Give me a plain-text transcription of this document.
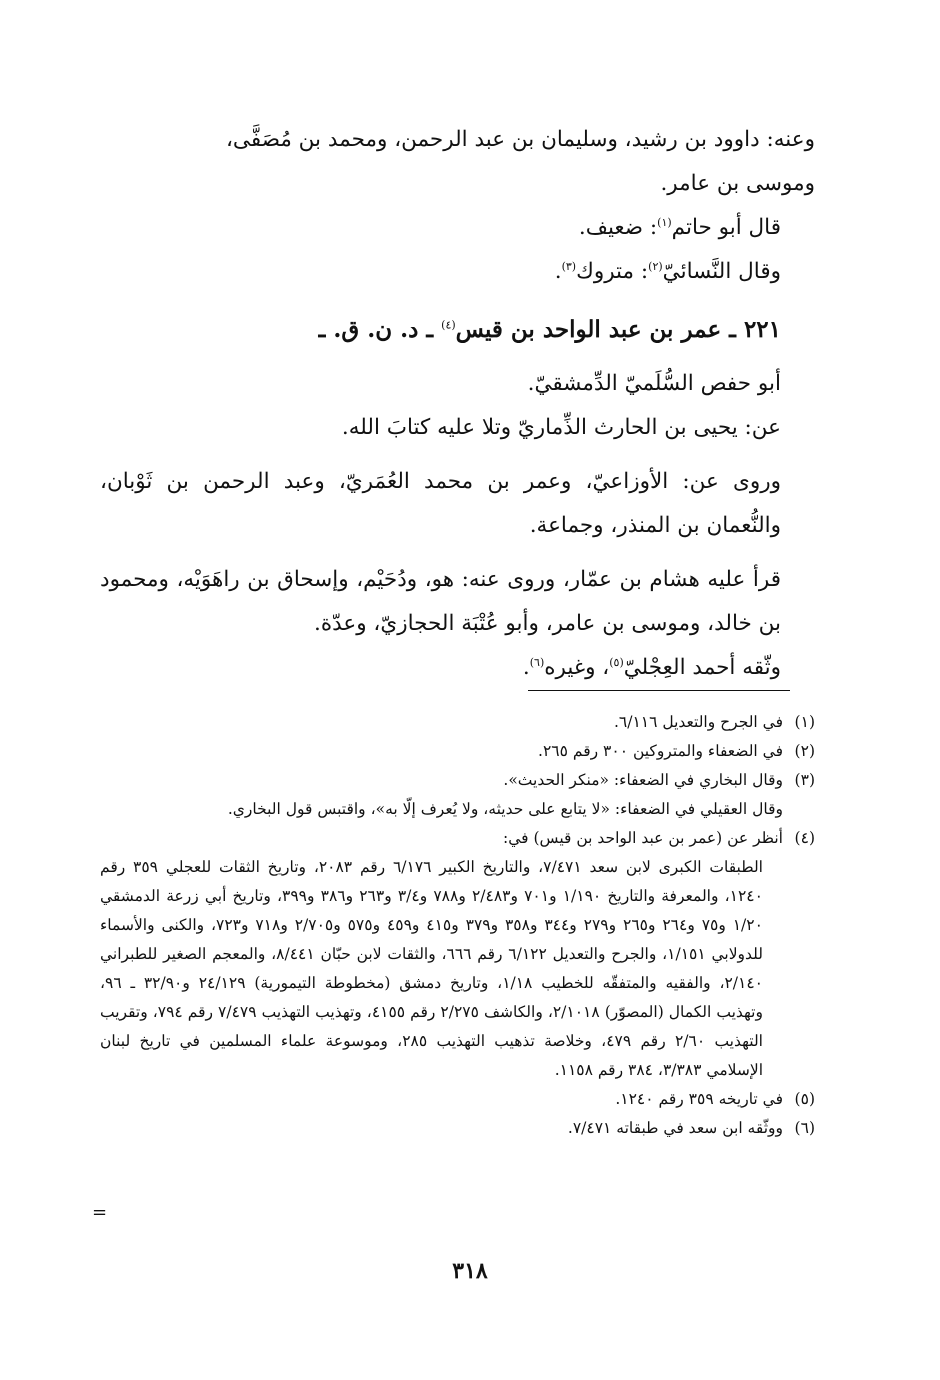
وعنه: داوود بن رشيد، وسليمان بن عبد الرحمن، ومحمد بن مُصَفَّى،
وموسى بن عامر.

قال أبو حاتم$^{(١)}$: ضعيف.

وقال النَّسائيّ$^{(٢)}$: متروك$^{(٣)}$.

٢٢١ ـ عمر بن عبد الواحد بن قيس$^{(٤)}$ ـ د. ن. ق. ـ

أبو حفص السُّلَميّ الدِّمشقيّ.

عن: يحيى بن الحارث الذِّماريّ وتلا عليه كتابَ الله.

وروى عن: الأوزاعيّ، وعمر بن محمد العُمَريّ، وعبد الرحمن بن ثَوْبان، والنُّعمان بن المنذر، وجماعة.

قرأ عليه هشام بن عمّار، وروى عنه: هو، ودُحَيْم، وإسحاق بن راهَوَيْه، ومحمود بن خالد، وموسى بن عامر، وأبو عُتْبَة الحجازيّ، وعدّة.

وثّقه أحمد العِجْليّ$^{(٥)}$، وغيره$^{(٦)}$.

(١)
في الجرح والتعديل ٦/١١٦.
(٢)
في الضعفاء والمتروكين ٣٠٠ رقم ٢٦٥.
(٣)
وقال البخاري في الضعفاء: «منكر الحديث».
وقال العقيلي في الضعفاء: «لا يتابع على حديثه، ولا يُعرف إلّا به»، واقتبس قول البخاري.
(٤)
أنظر عن (عمر بن عبد الواحد بن قيس) في:
الطبقات الكبرى لابن سعد ٧/٤٧١، والتاريخ الكبير ٦/١٧٦ رقم ٢٠٨٣، وتاريخ الثقات للعجلي ٣٥٩ رقم ١٢٤٠، والمعرفة والتاريخ ١/١٩٠ و٧٠١ و٢/٤٨٣ و٧٨٨ و٣/٤ و٢٦٣ و٣٨٦ و٣٩٩، وتاريخ أبي زرعة الدمشقي ١/٢٠ و٧٥ و٢٦٤ و٢٦٥ و٢٧٩ و٣٤٤ و٣٥٨ و٣٧٩ و٤١٥ و٤٥٩ و٥٧٥ و٢/٧٠٥ و٧١٨ و٧٢٣، والكنى والأسماء للدولابي ١/١٥١، والجرح والتعديل ٦/١٢٢ رقم ٦٦٦، والثقات لابن حبّان ٨/٤٤١، والمعجم الصغير للطبراني ٢/١٤٠، والفقيه والمتفقّه للخطيب ١/١٨، وتاريخ دمشق (مخطوطة التيمورية) ٢٤/١٢٩ و٣٢/٩٠ ـ ٩٦، وتهذيب الكمال (المصوّر) ٢/١٠١٨، والكاشف ٢/٢٧٥ رقم ٤١٥٥، وتهذيب التهذيب ٧/٤٧٩ رقم ٧٩٤، وتقريب التهذيب ٢/٦٠ رقم ٤٧٩، وخلاصة تذهيب التهذيب ٢٨٥، وموسوعة علماء المسلمين في تاريخ لبنان الإسلامي ٣/٣٨٣، ٣٨٤ رقم ١١٥٨.
(٥)
في تاريخه ٣٥٩ رقم ١٢٤٠.
(٦)
ووثّقه ابن سعد في طبقاته ٧/٤٧١.
=
٣١٨
